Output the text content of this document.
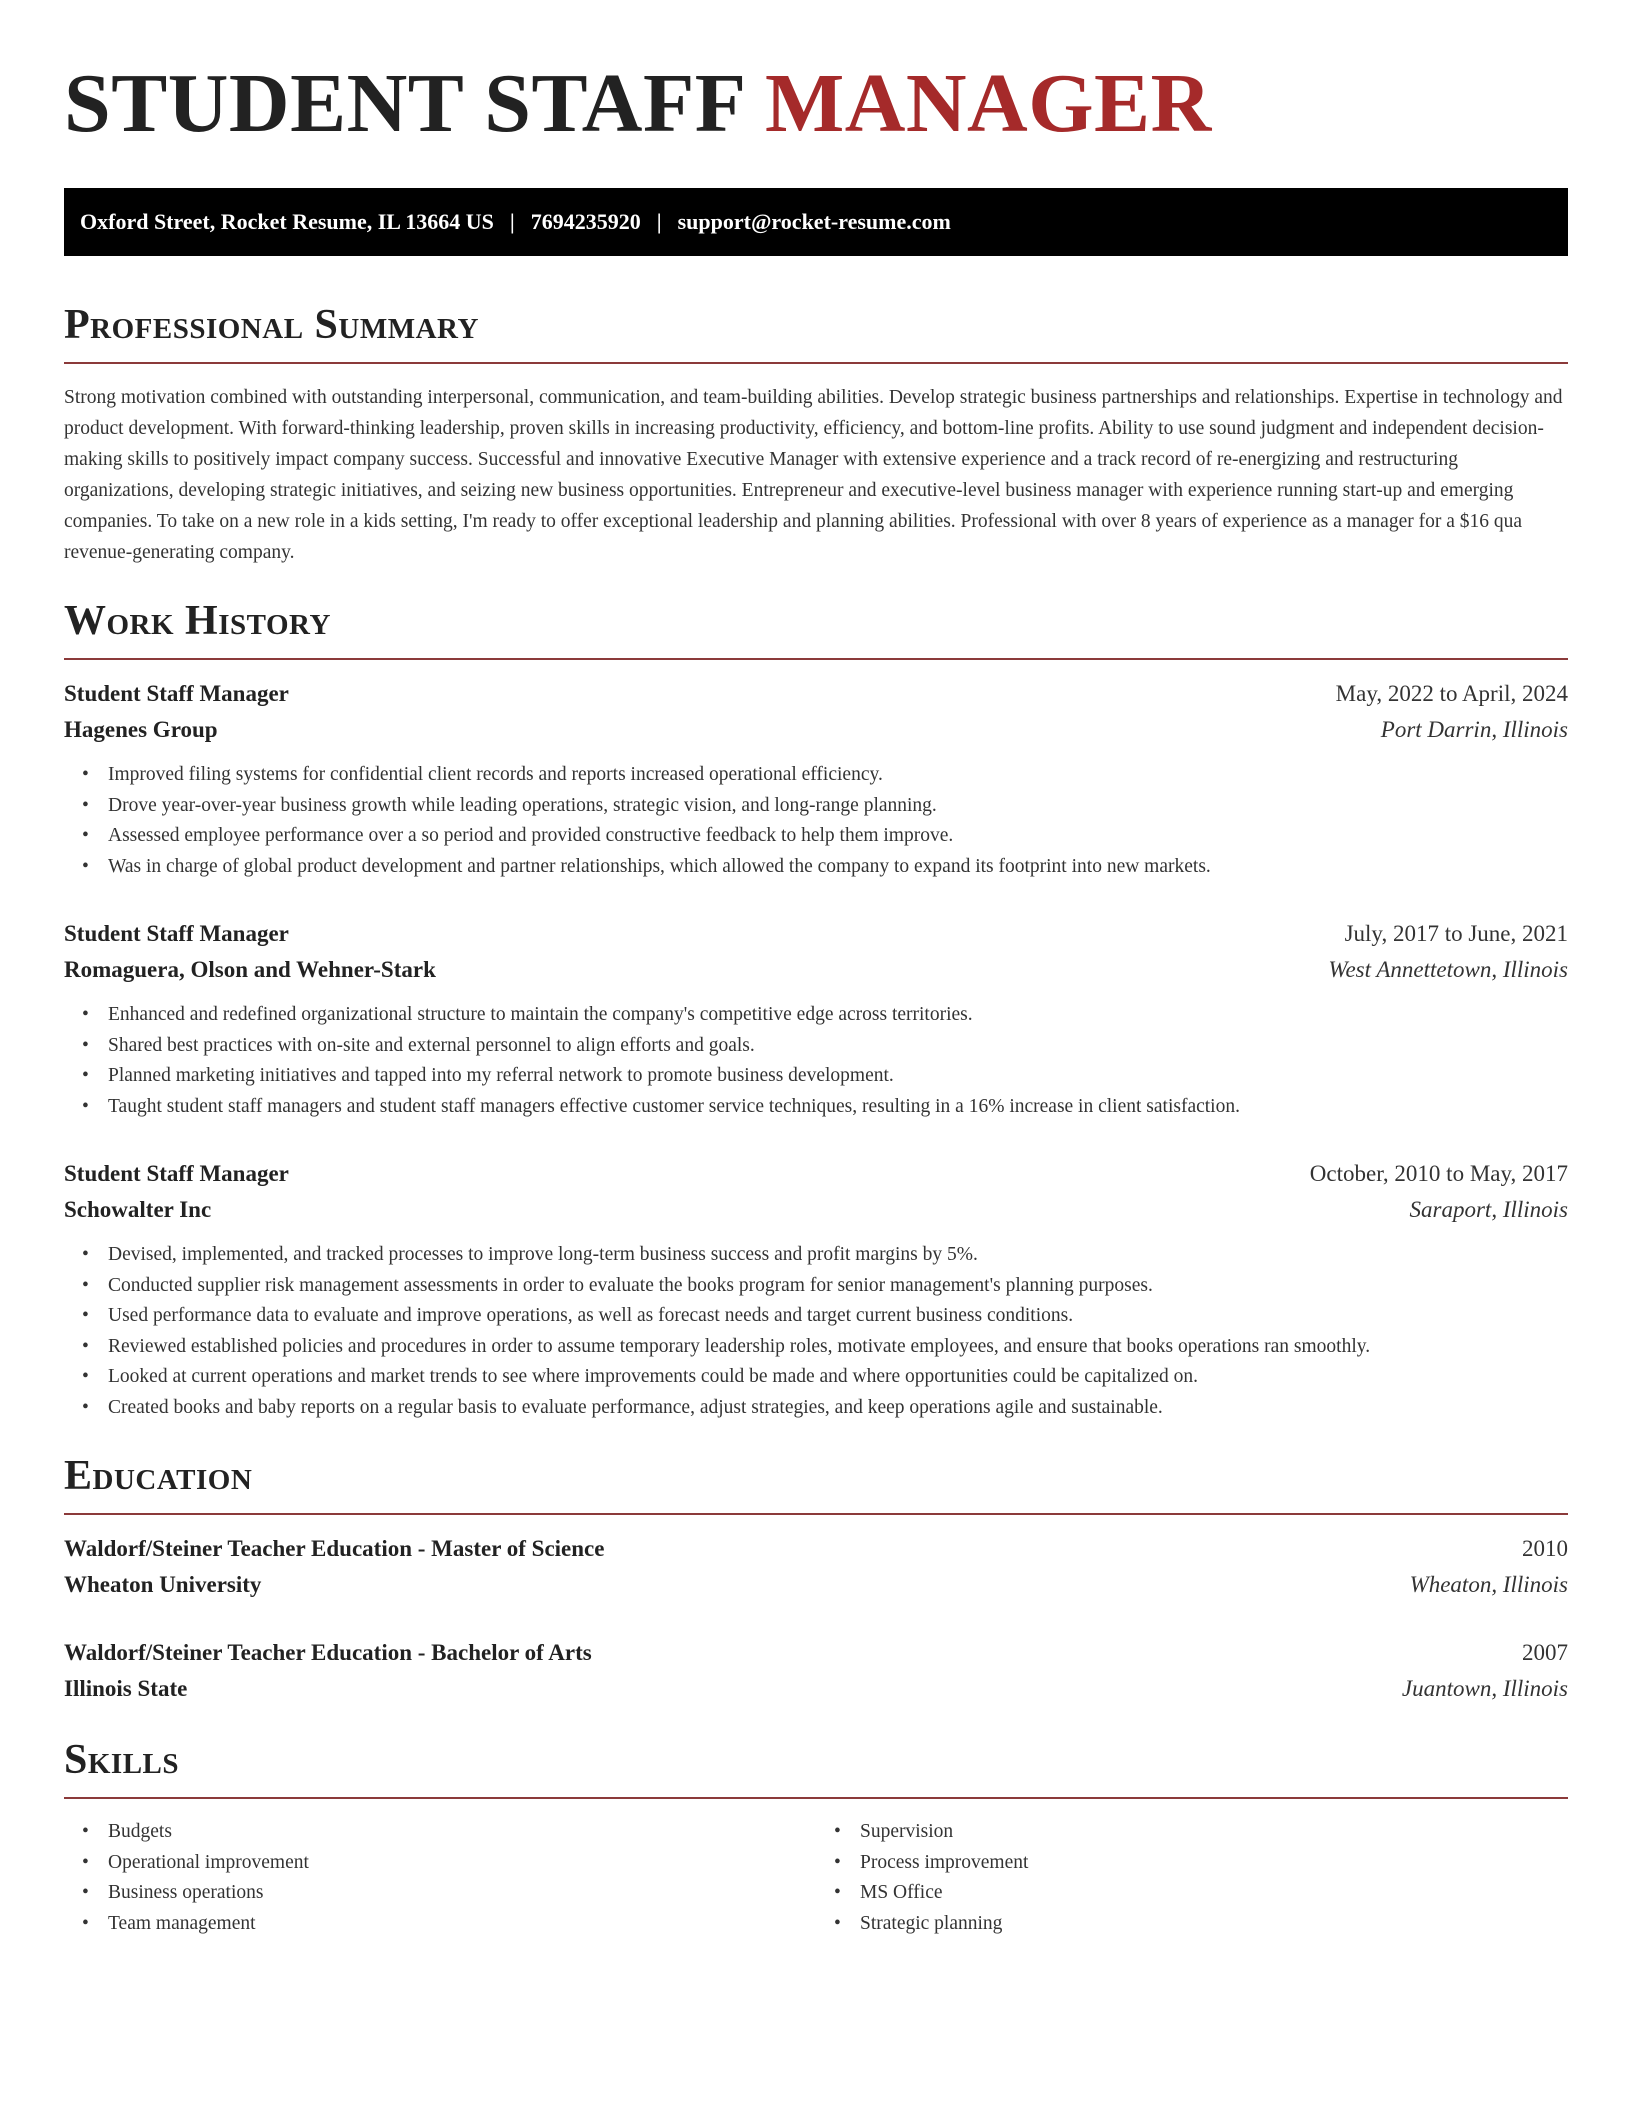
STUDENT STAFF MANAGER
Oxford Street, Rocket Resume, IL 13664 US | 7694235920 | support@rocket-resume.com
Professional Summary

Strong motivation combined with outstanding interpersonal, communication, and team-building abilities. Develop strategic business partnerships and relationships. Expertise in technology and product development. With forward-thinking leadership, proven skills in increasing productivity, efficiency, and bottom-line profits. Ability to use sound judgment and independent decision-making skills to positively impact company success. Successful and innovative Executive Manager with extensive experience and a track record of re-energizing and restructuring organizations, developing strategic initiatives, and seizing new business opportunities. Entrepreneur and executive-level business manager with experience running start-up and emerging companies. To take on a new role in a kids setting, I'm ready to offer exceptional leadership and planning abilities. Professional with over 8 years of experience as a manager for a $16 qua revenue-generating company.

Work History
Student Staff Manager	May, 2022 to April, 2024
Hagenes Group	Port Darrin, Illinois
• Improved filing systems for confidential client records and reports increased operational efficiency.
• Drove year-over-year business growth while leading operations, strategic vision, and long-range planning.
• Assessed employee performance over a so period and provided constructive feedback to help them improve.
• Was in charge of global product development and partner relationships, which allowed the company to expand its footprint into new markets.
Student Staff Manager	July, 2017 to June, 2021
Romaguera, Olson and Wehner-Stark	West Annettetown, Illinois
• Enhanced and redefined organizational structure to maintain the company's competitive edge across territories.
• Shared best practices with on-site and external personnel to align efforts and goals.
• Planned marketing initiatives and tapped into my referral network to promote business development.
• Taught student staff managers and student staff managers effective customer service techniques, resulting in a 16% increase in client satisfaction.
Student Staff Manager	October, 2010 to May, 2017
Schowalter Inc	Saraport, Illinois
• Devised, implemented, and tracked processes to improve long-term business success and profit margins by 5%.
• Conducted supplier risk management assessments in order to evaluate the books program for senior management's planning purposes.
• Used performance data to evaluate and improve operations, as well as forecast needs and target current business conditions.
• Reviewed established policies and procedures in order to assume temporary leadership roles, motivate employees, and ensure that books operations ran smoothly.
• Looked at current operations and market trends to see where improvements could be made and where opportunities could be capitalized on.
• Created books and baby reports on a regular basis to evaluate performance, adjust strategies, and keep operations agile and sustainable.
Education
Waldorf/Steiner Teacher Education - Master of Science	2010
Wheaton University	Wheaton, Illinois
Waldorf/Steiner Teacher Education - Bachelor of Arts	2007
Illinois State	Juantown, Illinois
Skills
• Budgets
• Operational improvement
• Business operations
• Team management
• Supervision
• Process improvement
• MS Office
• Strategic planning
